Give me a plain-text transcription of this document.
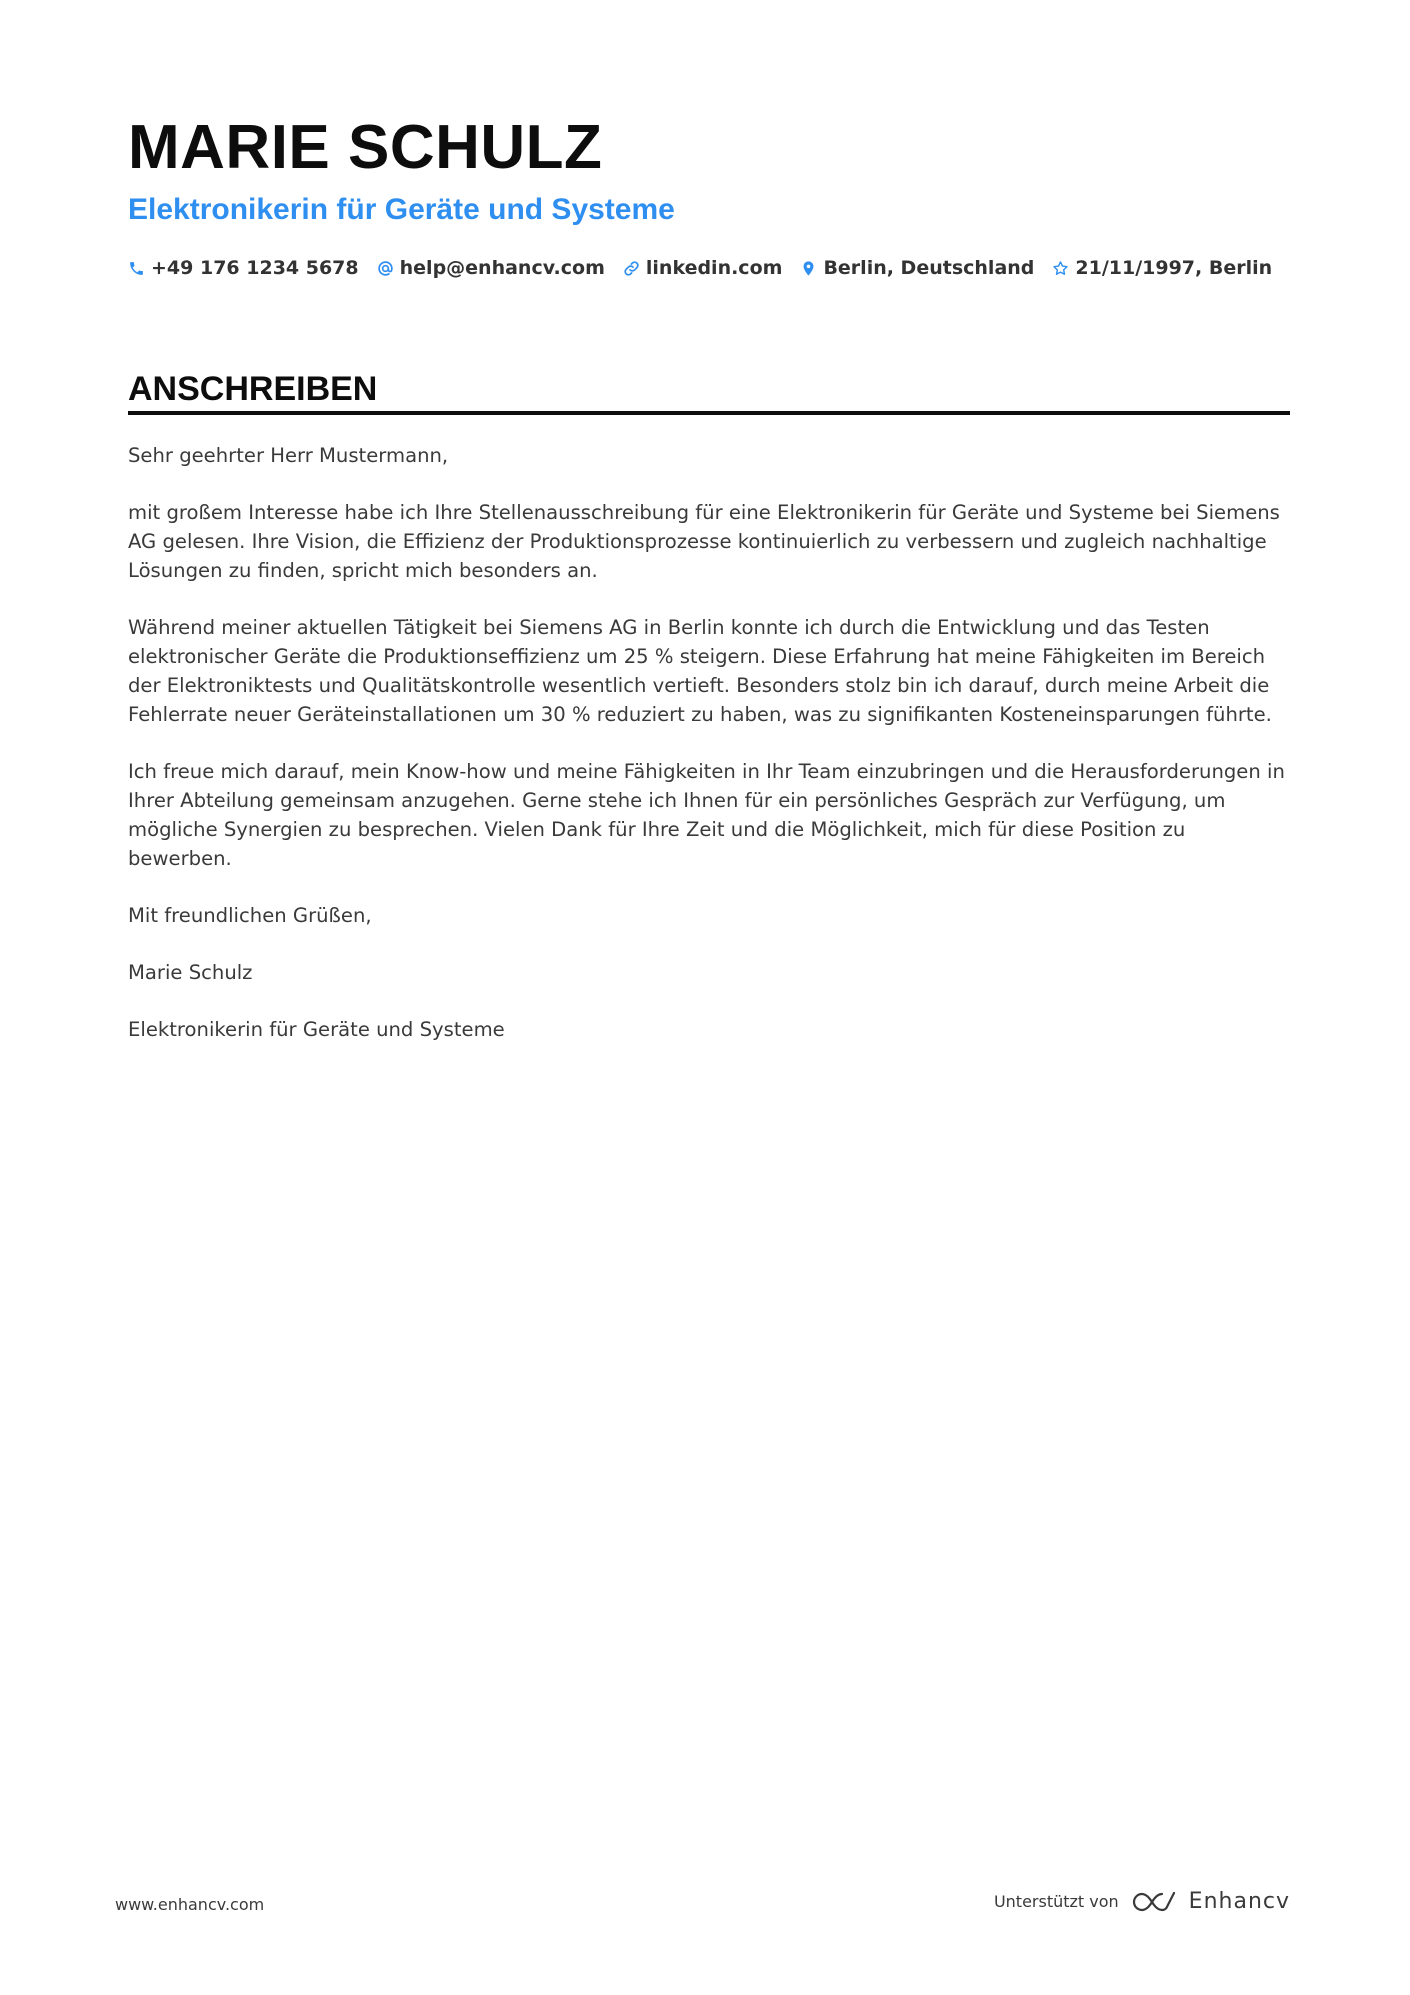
MARIE SCHULZ
Elektronikerin für Geräte und Systeme
+49 176 1234 5678 help@enhancv.com linkedin.com Berlin, Deutschland 21/11/1997, Berlin
ANSCHREIBEN

Sehr geehrter Herr Mustermann,

mit großem Interesse habe ich Ihre Stellenausschreibung für eine Elektronikerin für Geräte und Systeme bei Siemens AG gelesen. Ihre Vision, die Effizienz der Produktionsprozesse kontinuierlich zu verbessern und zugleich nachhaltige Lösungen zu finden, spricht mich besonders an.

Während meiner aktuellen Tätigkeit bei Siemens AG in Berlin konnte ich durch die Entwicklung und das Testen elektronischer Geräte die Produktionseffizienz um 25 % steigern. Diese Erfahrung hat meine Fähigkeiten im Bereich der Elektroniktests und Qualitätskontrolle wesentlich vertieft. Besonders stolz bin ich darauf, durch meine Arbeit die Fehlerrate neuer Geräteinstallationen um 30 % reduziert zu haben, was zu signifikanten Kosteneinsparungen führte.

Ich freue mich darauf, mein Know-how und meine Fähigkeiten in Ihr Team einzubringen und die Herausforderungen in Ihrer Abteilung gemeinsam anzugehen. Gerne stehe ich Ihnen für ein persönliches Gespräch zur Verfügung, um mögliche Synergien zu besprechen. Vielen Dank für Ihre Zeit und die Möglichkeit, mich für diese Position zu bewerben.

Mit freundlichen Grüßen,

Marie Schulz

Elektronikerin für Geräte und Systeme

www.enhancv.com	Unterstützt von	Enhancv
